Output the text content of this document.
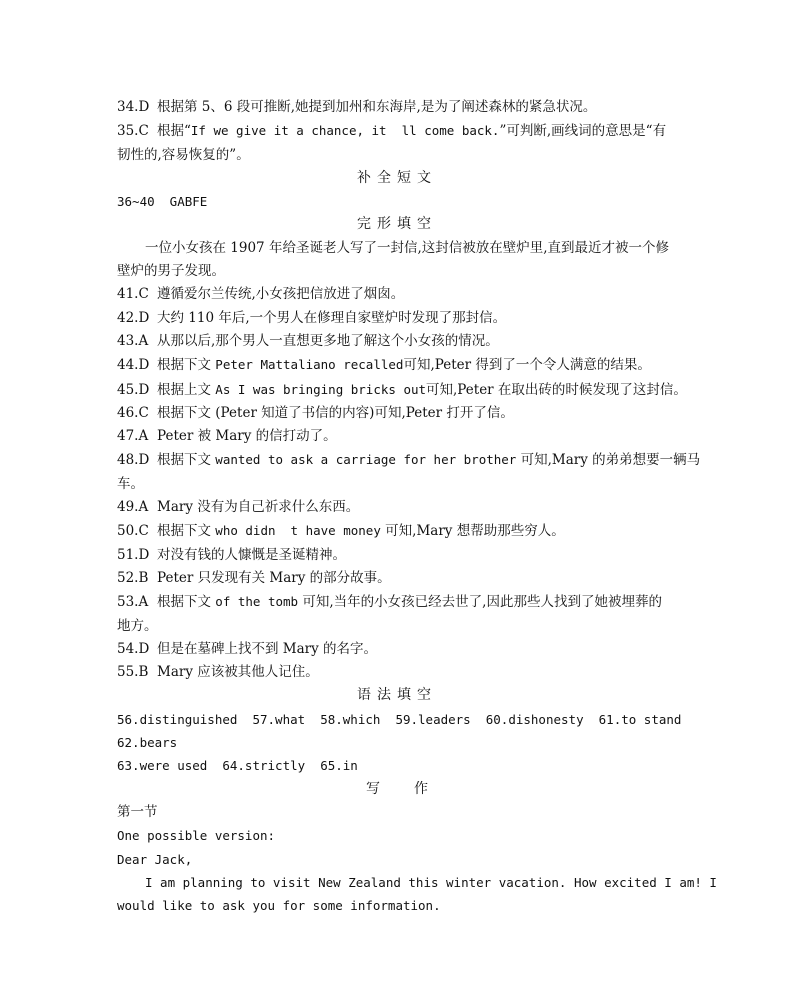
34.D 根据第 5、6 段可推断,她提到加州和东海岸,是为了阐述森林的紧急状况。
35.C 根据“If we give it a chance, it  ll come back.”可判断,画线词的意思是“有
韧性的,容易恢复的”。
补全短文
36~40  GABFE
完形填空
一位小女孩在 1907 年给圣诞老人写了一封信,这封信被放在壁炉里,直到最近才被一个修
壁炉的男子发现。
41.C 遵循爱尔兰传统,小女孩把信放进了烟囱。
42.D 大约 110 年后,一个男人在修理自家壁炉时发现了那封信。
43.A 从那以后,那个男人一直想更多地了解这个小女孩的情况。
44.D 根据下文 Peter Mattaliano recalled可知,Peter 得到了一个令人满意的结果。
45.D 根据上文 As I was bringing bricks out可知,Peter 在取出砖的时候发现了这封信。
46.C 根据下文 (Peter 知道了书信的内容)可知,Peter 打开了信。
47.A Peter 被 Mary 的信打动了。
48.D 根据下文 wanted to ask a carriage for her brother 可知,Mary 的弟弟想要一辆马
车。
49.A Mary 没有为自己祈求什么东西。
50.C 根据下文 who didn  t have money 可知,Mary 想帮助那些穷人。
51.D 对没有钱的人慷慨是圣诞精神。
52.B Peter 只发现有关 Mary 的部分故事。
53.A 根据下文 of the tomb 可知,当年的小女孩已经去世了,因此那些人找到了她被埋葬的
地方。
54.D 但是在墓碑上找不到 Mary 的名字。
55.B Mary 应该被其他人记住。
语法填空
56.distinguished  57.what  58.which  59.leaders  60.dishonesty  61.to stand
62.bears
63.were used  64.strictly  65.in
写作
第一节
One possible version:
Dear Jack,
I am planning to visit New Zealand this winter vacation. How excited I am! I
would like to ask you for some information.
